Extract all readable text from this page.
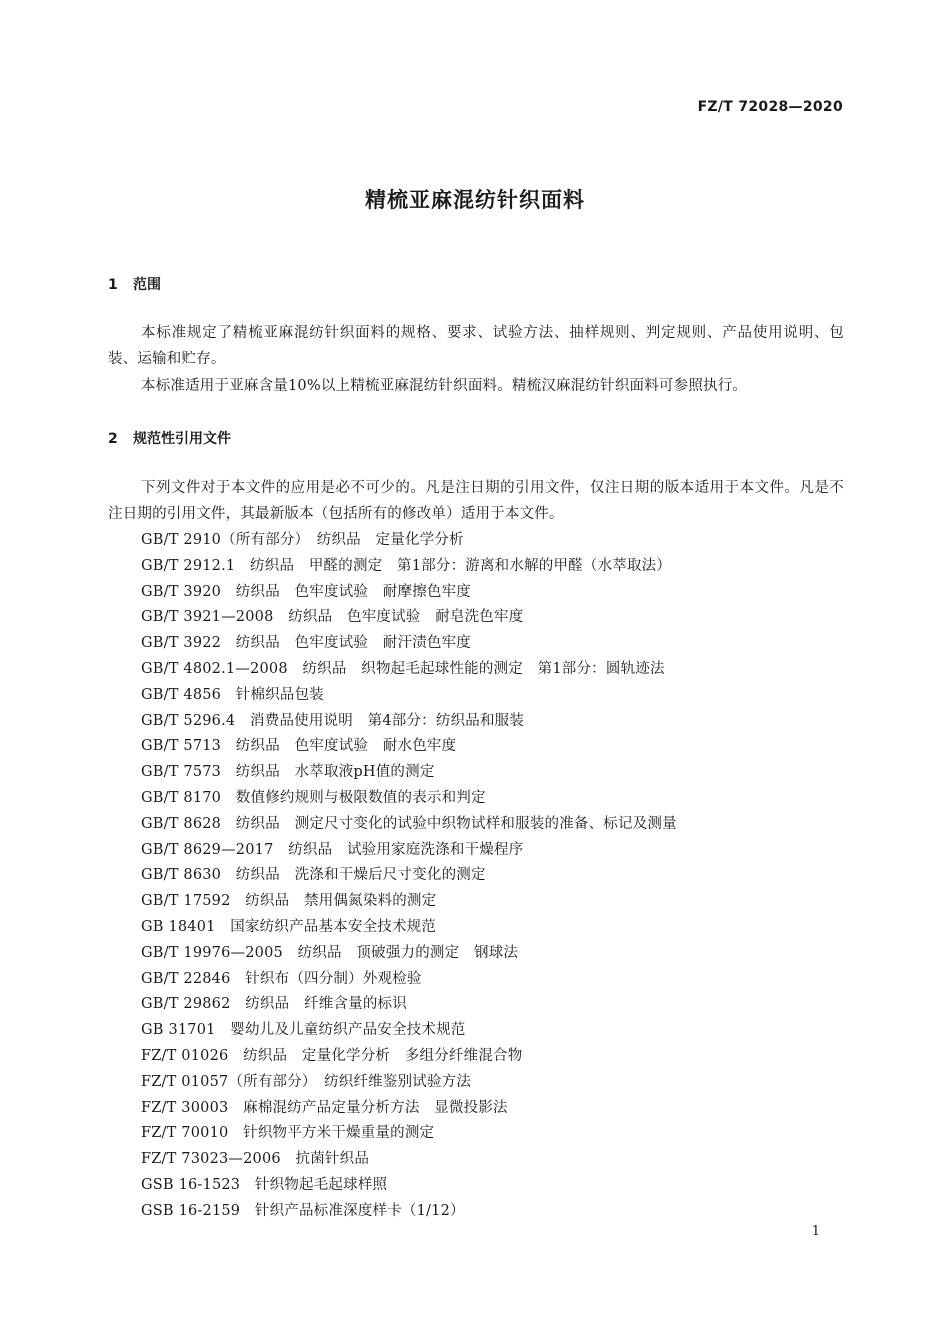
FZ/T 72028—2020
精梳亚麻混纺针织面料
1 范围

本标准规定了精梳亚麻混纺针织面料的规格、要求、试验方法、抽样规则、判定规则、产品使用说明、包装、运输和贮存。

本标准适用于亚麻含量10%以上精梳亚麻混纺针织面料。精梳汉麻混纺针织面料可参照执行。

2 规范性引用文件

下列文件对于本文件的应用是必不可少的。凡是注日期的引用文件，仅注日期的版本适用于本文件。凡是不注日期的引用文件，其最新版本（包括所有的修改单）适用于本文件。

GB/T 2910（所有部分）　纺织品　定量化学分析
GB/T 2912.1　纺织品　甲醛的测定　第1部分：游离和水解的甲醛（水萃取法）
GB/T 3920　纺织品　色牢度试验　耐摩擦色牢度
GB/T 3921—2008　纺织品　色牢度试验　耐皂洗色牢度
GB/T 3922　纺织品　色牢度试验　耐汗渍色牢度
GB/T 4802.1—2008　纺织品　织物起毛起球性能的测定　第1部分：圆轨迹法
GB/T 4856　针棉织品包装
GB/T 5296.4　消费品使用说明　第4部分：纺织品和服装
GB/T 5713　纺织品　色牢度试验　耐水色牢度
GB/T 7573　纺织品　水萃取液pH值的测定
GB/T 8170　数值修约规则与极限数值的表示和判定
GB/T 8628　纺织品　测定尺寸变化的试验中织物试样和服装的准备、标记及测量
GB/T 8629—2017　纺织品　试验用家庭洗涤和干燥程序
GB/T 8630　纺织品　洗涤和干燥后尺寸变化的测定
GB/T 17592　纺织品　禁用偶氮染料的测定
GB 18401　国家纺织产品基本安全技术规范
GB/T 19976—2005　纺织品　顶破强力的测定　钢球法
GB/T 22846　针织布（四分制）外观检验
GB/T 29862　纺织品　纤维含量的标识
GB 31701　婴幼儿及儿童纺织产品安全技术规范
FZ/T 01026　纺织品　定量化学分析　多组分纤维混合物
FZ/T 01057（所有部分）　纺织纤维鉴别试验方法
FZ/T 30003　麻棉混纺产品定量分析方法　显微投影法
FZ/T 70010　针织物平方米干燥重量的测定
FZ/T 73023—2006　抗菌针织品
GSB 16-1523　针织物起毛起球样照
GSB 16-2159　针织产品标准深度样卡（1/12）
1
